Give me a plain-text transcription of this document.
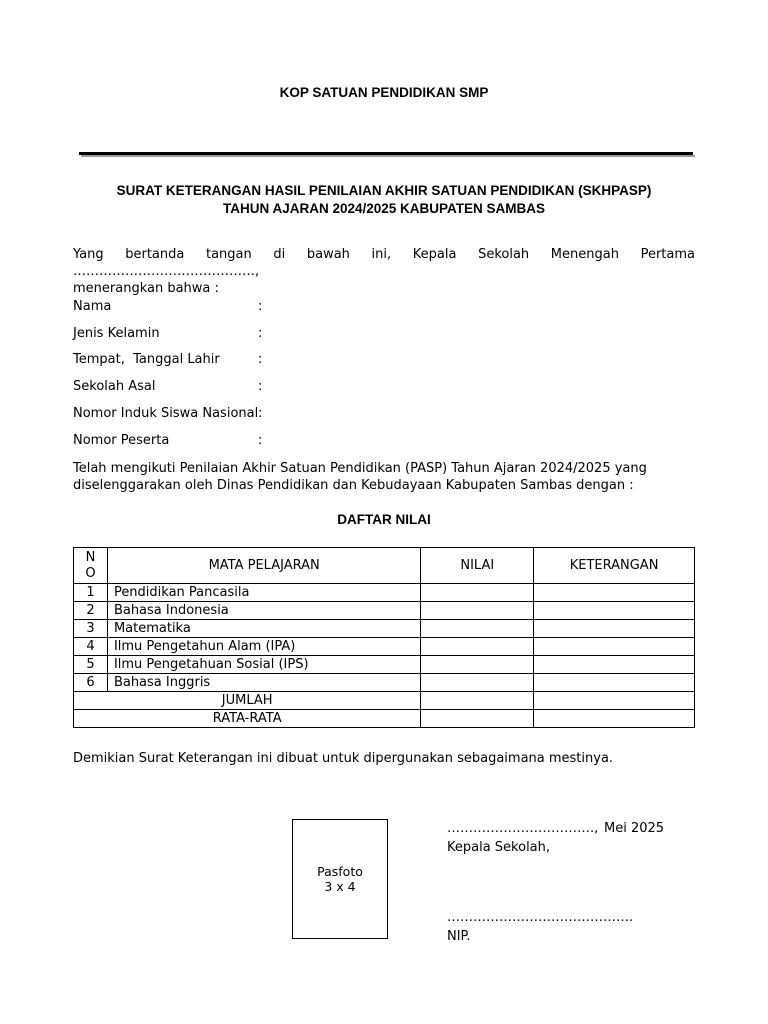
KOP SATUAN PENDIDIKAN SMP
SURAT KETERANGAN HASIL PENILAIAN AKHIR SATUAN PENDIDIKAN (SKHPASP)
TAHUN AJARAN 2024/2025 KABUPATEN SAMBAS
Yang bertanda tangan di bawah ini, Kepala Sekolah Menengah Pertama ……………………………………,
menerangkan bahwa :
Nama	:
Jenis Kelamin	:
Tempat,  Tanggal Lahir	:
Sekolah Asal	:
Nomor Induk Siswa Nasional :
Nomor Peserta	:
Telah mengikuti Penilaian Akhir Satuan Pendidikan (PASP) Tahun Ajaran 2024/2025 yang
diselenggarakan oleh Dinas Pendidikan dan Kebudayaan Kabupaten Sambas dengan :
DAFTAR NILAI
N
O	MATA PELAJARAN	NILAI	KETERANGAN
1	Pendidikan Pancasila		
2	Bahasa Indonesia		
3	Matematika		
4	Ilmu Pengetahun Alam (IPA)		
5	Ilmu Pengetahuan Sosial (IPS)		
6	Bahasa Inggris		
JUMLAH			
RATA-RATA			
Demikian Surat Keterangan ini dibuat untuk dipergunakan sebagaimana mestinya.
Pasfoto
3 x 4
……………………………., Mei 2025
Kepala Sekolah,
…………………………………….
NIP.
